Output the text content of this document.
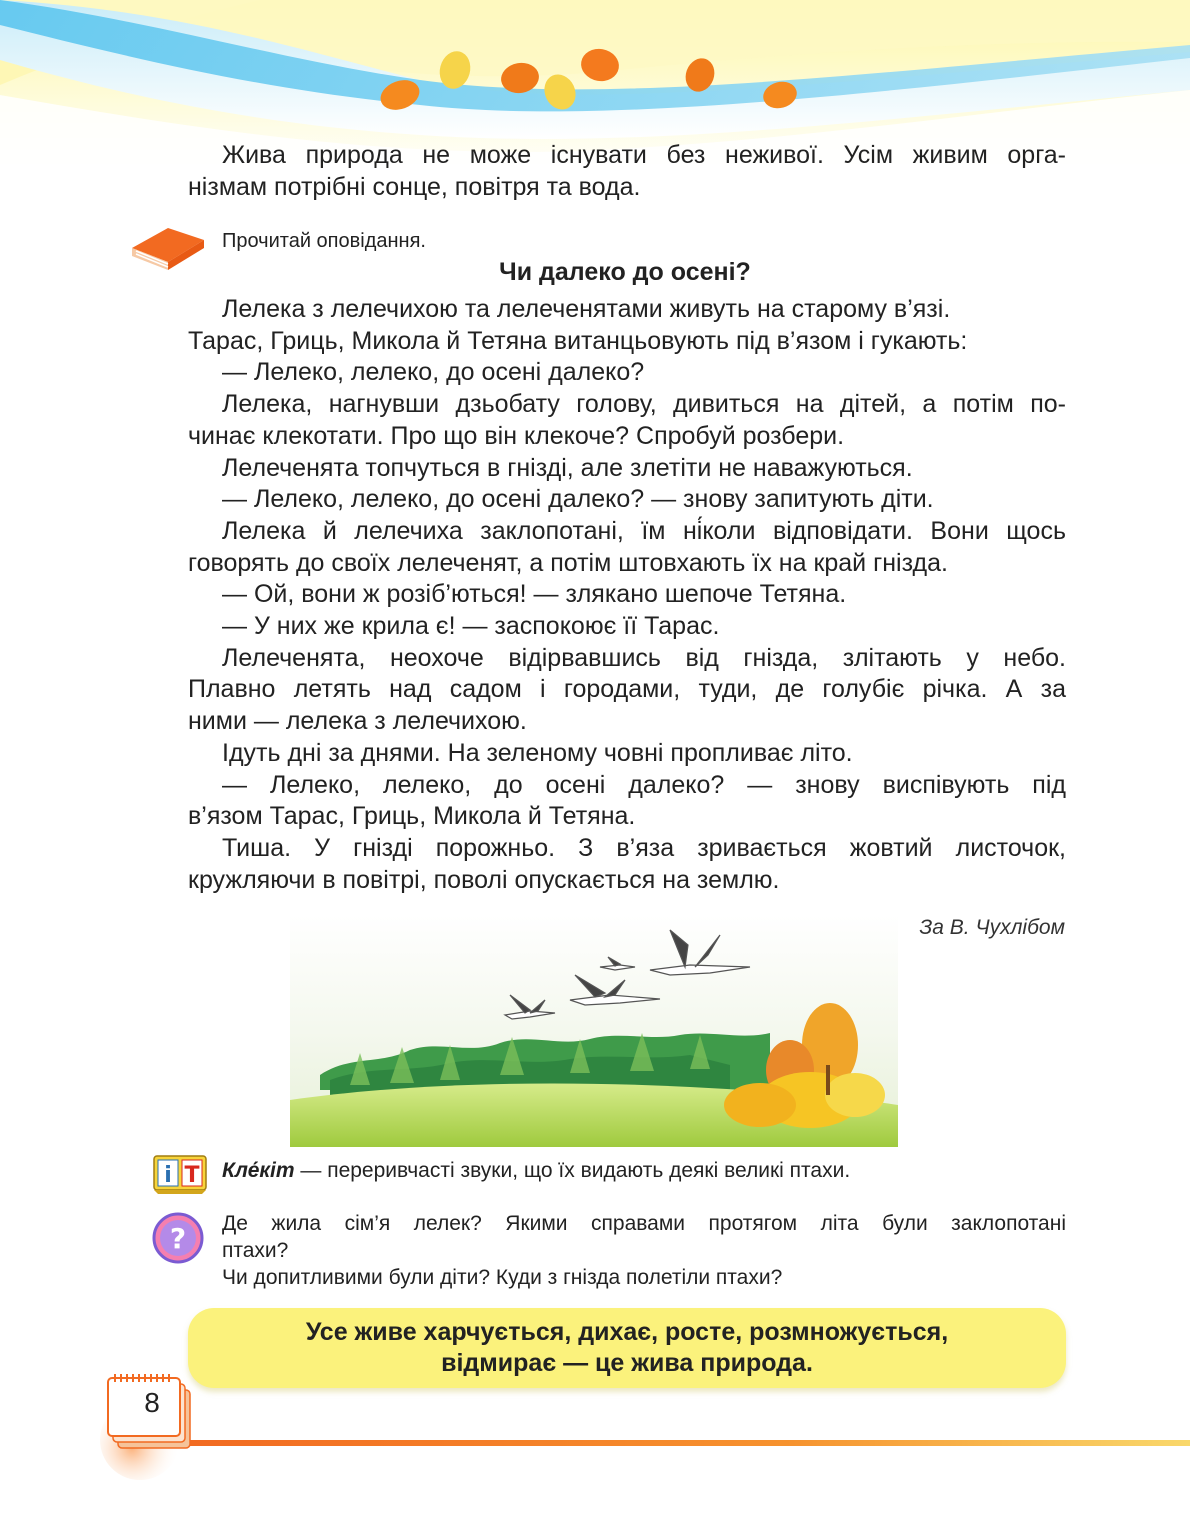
Жива природа не може існувати без неживої. Усім живим орга-
нізмам потрібні сонце, повітря та вода.
Прочитай оповідання.
Чи далеко до осені?
Лелека з лелечихою та лелеченятами живуть на старому в’язі.
Тарас, Гриць, Микола й Тетяна витанцьовують під в’язом і гукають:
— Лелеко, лелеко, до осені далеко?
Лелека, нагнувши дзьобату голову, дивиться на дітей, а потім по-
чинає клекотати. Про що він клекоче? Спробуй розбери.
Лелеченята топчуться в гнізді, але злетіти не наважуються.
— Лелеко, лелеко, до осені далеко? — знову запитують діти.
Лелека й лелечиха заклопотані, їм ні́коли відповідати. Вони щось
говорять до своїх лелеченят, а потім штовхають їх на край гнізда.
— Ой, вони ж розіб’ються! — злякано шепоче Тетяна.
— У них же крила є! — заспокоює її Тарас.
Лелеченята, неохоче відірвавшись від гнізда, злітають у небо.
Плавно летять над садом і городами, туди, де голубіє річка. А за
ними — лелека з лелечихою.
Ідуть дні за днями. На зеленому човні пропливає літо.
— Лелеко, лелеко, до осені далеко? — знову виспівують під
в’язом Тарас, Гриць, Микола й Тетяна.
Тиша. У гнізді порожньо. З в’яза зривається жовтий листочок,
кружляючи в повітрі, поволі опускається на землю.
За В. Чухлібом
i T Кле́кіт — переривчасті звуки, що їх видають деякі великі птахи.
? Де жила сім’я лелек? Якими справами протягом літа були заклопотані
птахи?
Чи допитливими були діти? Куди з гнізда полетіли птахи?
Усе живе харчується, дихає, росте, розмножується,
відмирає — це жива природа.
8
